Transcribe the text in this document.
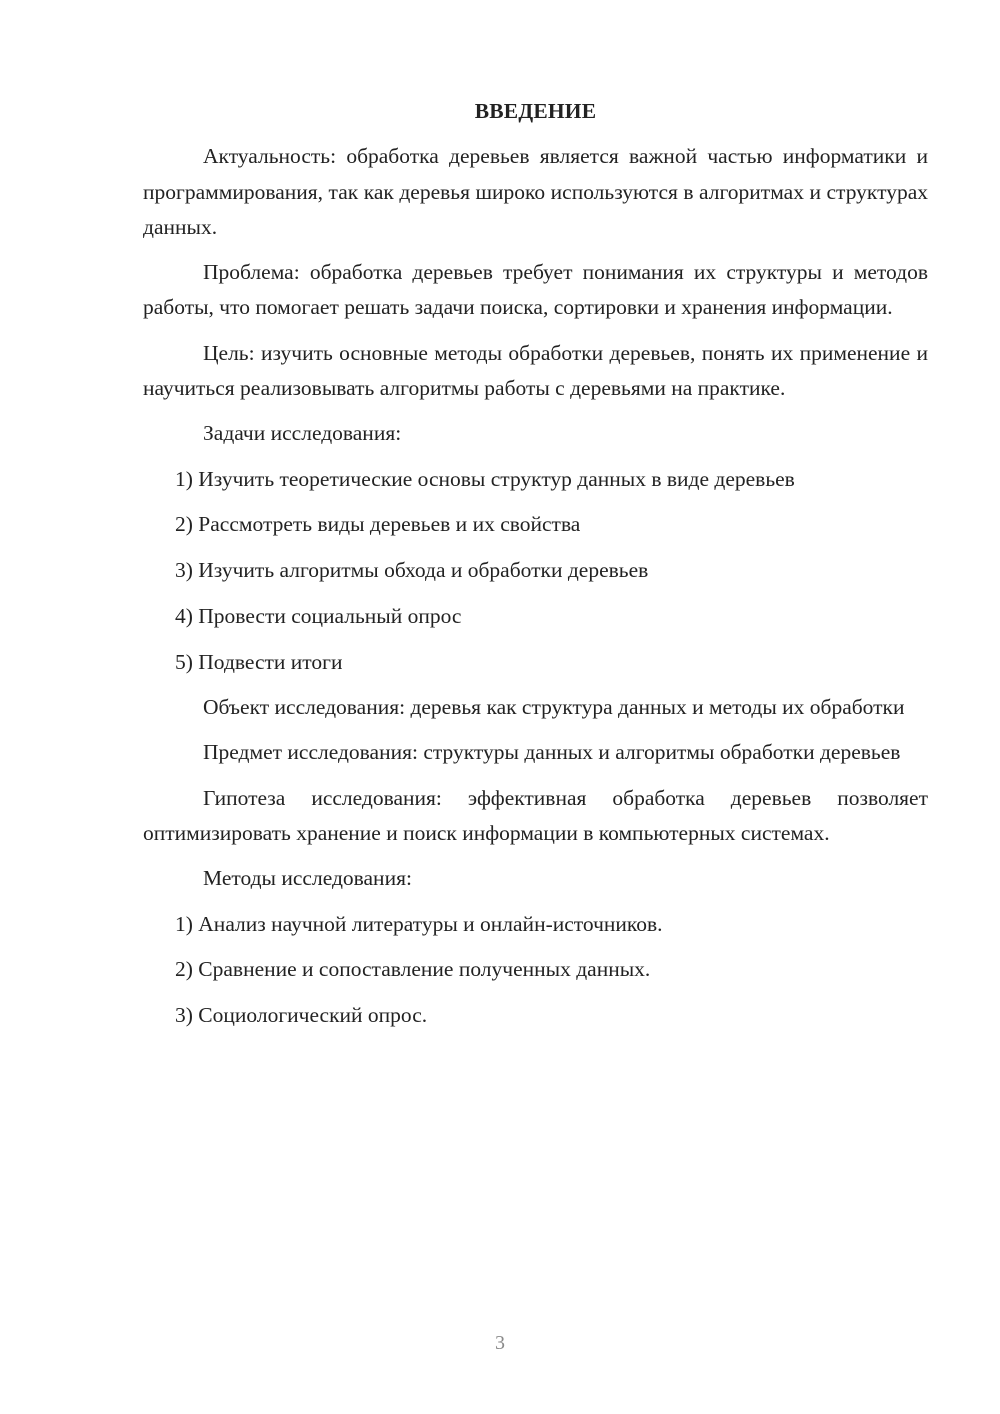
ВВЕДЕНИЕ

Актуальность: обработка деревьев является важной частью информатики и программирования, так как деревья широко используются в алгоритмах и структурах данных.

Проблема: обработка деревьев требует понимания их структуры и методов работы, что помогает решать задачи поиска, сортировки и хранения информации.

Цель: изучить основные методы обработки деревьев, понять их применение и научиться реализовывать алгоритмы работы с деревьями на практике.

Задачи исследования:

1) Изучить теоретические основы структур данных в виде деревьев
2) Рассмотреть виды деревьев и их свойства
3) Изучить алгоритмы обхода и обработки деревьев
4) Провести социальный опрос
5) Подвести итоги

Объект исследования: деревья как структура данных и методы их обработки

Предмет исследования: структуры данных и алгоритмы обработки деревьев

Гипотеза исследования: эффективная обработка деревьев позволяет оптимизировать хранение и поиск информации в компьютерных системах.

Методы исследования:

1) Анализ научной литературы и онлайн-источников.
2) Сравнение и сопоставление полученных данных.
3) Социологический опрос.
3
